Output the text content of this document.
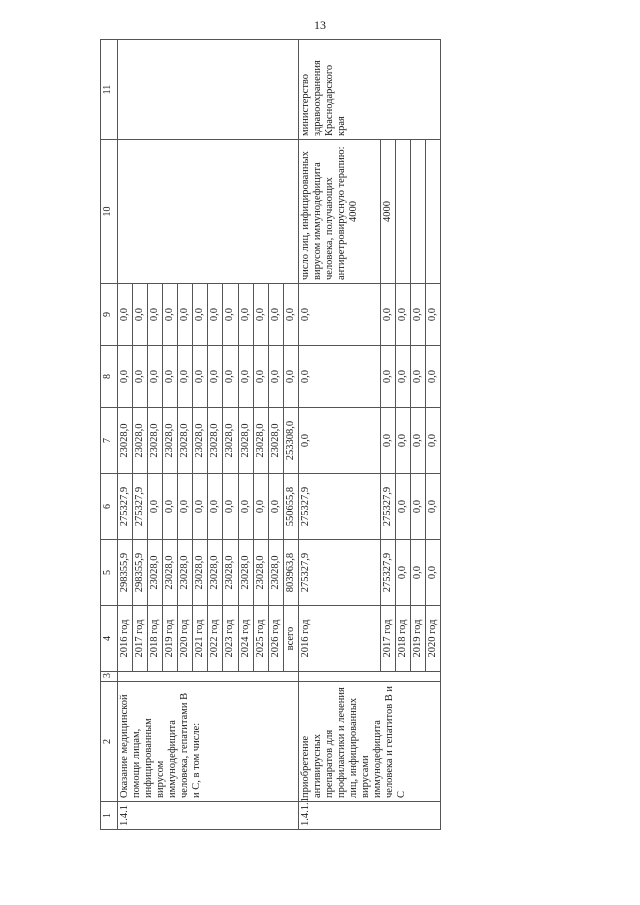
13
1	2	3	4	5	6	7	8	9	10	11
1.4.1	Оказание медицинской помощи лицам, инфицированным вирусом иммунодефицита человека, гепатитами В и С, в том числе:		2016 год	298355,9	275327,9	23028,0	0,0	0,0		
			2017 год	298355,9	275327,9	23028,0	0,0	0,0		
			2018 год	23028,0	0,0	23028,0	0,0	0,0		
			2019 год	23028,0	0,0	23028,0	0,0	0,0		
			2020 год	23028,0	0,0	23028,0	0,0	0,0		
			2021 год	23028,0	0,0	23028,0	0,0	0,0		
			2022 год	23028,0	0,0	23028,0	0,0	0,0		
			2023 год	23028,0	0,0	23028,0	0,0	0,0		
			2024 год	23028,0	0,0	23028,0	0,0	0,0		
			2025 год	23028,0	0,0	23028,0	0,0	0,0		
			2026 год	23028,0	0,0	23028,0	0,0	0,0		
			всего	803963,8	550655,8	253308,0	0,0	0,0		
1.4.1.1	приобретение антивирусных препаратов для профилактики и лечения лиц, инфицированных вирусами иммунодефицита человека и гепатитов В и С		2016 год	275327,9	275327,9	0,0	0,0	0,0	число лиц, инфицированных вирусом иммунодефицита человека, получающих антиретровирусную терапию: 4000	министерство здравоохранения Краснодарского края
			2017 год	275327,9	275327,9	0,0	0,0	0,0	4000	
			2018 год	0,0	0,0	0,0	0,0	0,0		
			2019 год	0,0	0,0	0,0	0,0	0,0		
			2020 год	0,0	0,0	0,0	0,0	0,0		
